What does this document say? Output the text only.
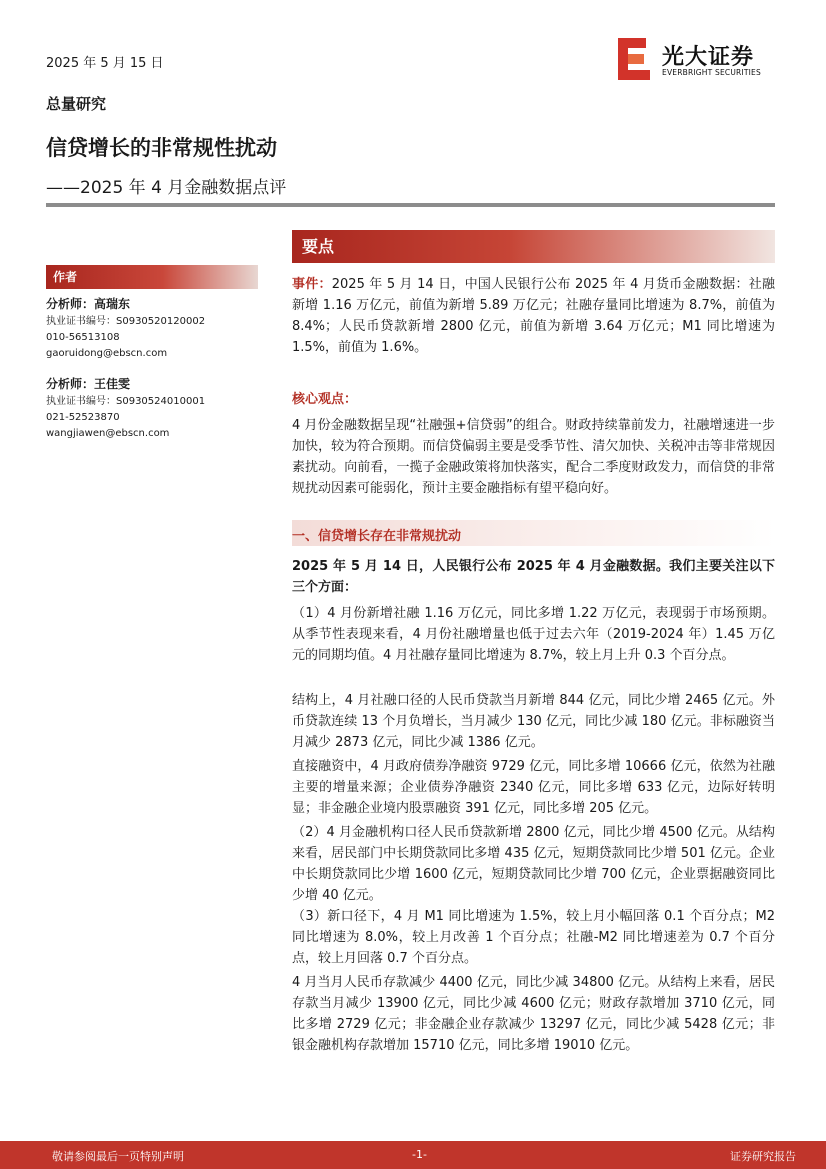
2025 年 5 月 15 日	光大证券
EVERBRIGHT SECURITIES
总量研究
信贷增长的非常规性扰动
——2025 年 4 月金融数据点评
作者
分析师：高瑞东
执业证书编号：S0930520120002
010-56513108
gaoruidong@ebscn.com
分析师：王佳雯
执业证书编号：S0930524010001
021-52523870
wangjiawen@ebscn.com
要点
事件：2025 年 5 月 14 日，中国人民银行公布 2025 年 4 月货币金融数据：社融新增 1.16 万亿元，前值为新增 5.89 万亿元；社融存量同比增速为 8.7%，前值为 8.4%；人民币贷款新增 2800 亿元，前值为新增 3.64 万亿元；M1 同比增速为 1.5%，前值为 1.6%。
核心观点：
4 月份金融数据呈现“社融强+信贷弱”的组合。财政持续靠前发力，社融增速进一步加快，较为符合预期。而信贷偏弱主要是受季节性、清欠加快、关税冲击等非常规因素扰动。向前看，一揽子金融政策将加快落实，配合二季度财政发力，而信贷的非常规扰动因素可能弱化，预计主要金融指标有望平稳向好。
一、信贷增长存在非常规扰动
2025 年 5 月 14 日，人民银行公布 2025 年 4 月金融数据。我们主要关注以下三个方面：
（1）4 月份新增社融 1.16 万亿元，同比多增 1.22 万亿元，表现弱于市场预期。从季节性表现来看，4 月份社融增量也低于过去六年（2019-2024 年）1.45 万亿元的同期均值。4 月社融存量同比增速为 8.7%，较上月上升 0.3 个百分点。
结构上，4 月社融口径的人民币贷款当月新增 844 亿元，同比少增 2465 亿元。外币贷款连续 13 个月负增长，当月减少 130 亿元，同比少减 180 亿元。非标融资当月减少 2873 亿元，同比少减 1386 亿元。
直接融资中，4 月政府债券净融资 9729 亿元，同比多增 10666 亿元，依然为社融主要的增量来源；企业债券净融资 2340 亿元，同比多增 633 亿元，边际好转明显；非金融企业境内股票融资 391 亿元，同比多增 205 亿元。
（2）4 月金融机构口径人民币贷款新增 2800 亿元，同比少增 4500 亿元。从结构来看，居民部门中长期贷款同比多增 435 亿元，短期贷款同比少增 501 亿元。企业中长期贷款同比少增 1600 亿元，短期贷款同比少增 700 亿元，企业票据融资同比少增 40 亿元。
（3）新口径下，4 月 M1 同比增速为 1.5%，较上月小幅回落 0.1 个百分点；M2 同比增速为 8.0%，较上月改善 1 个百分点；社融-M2 同比增速差为 0.7 个百分点，较上月回落 0.7 个百分点。
4 月当月人民币存款减少 4400 亿元，同比少减 34800 亿元。从结构上来看，居民存款当月减少 13900 亿元，同比少减 4600 亿元；财政存款增加 3710 亿元，同比多增 2729 亿元；非金融企业存款减少 13297 亿元，同比少减 5428 亿元；非银金融机构存款增加 15710 亿元，同比多增 19010 亿元。
敬请参阅最后一页特别声明	-1-	证券研究报告
